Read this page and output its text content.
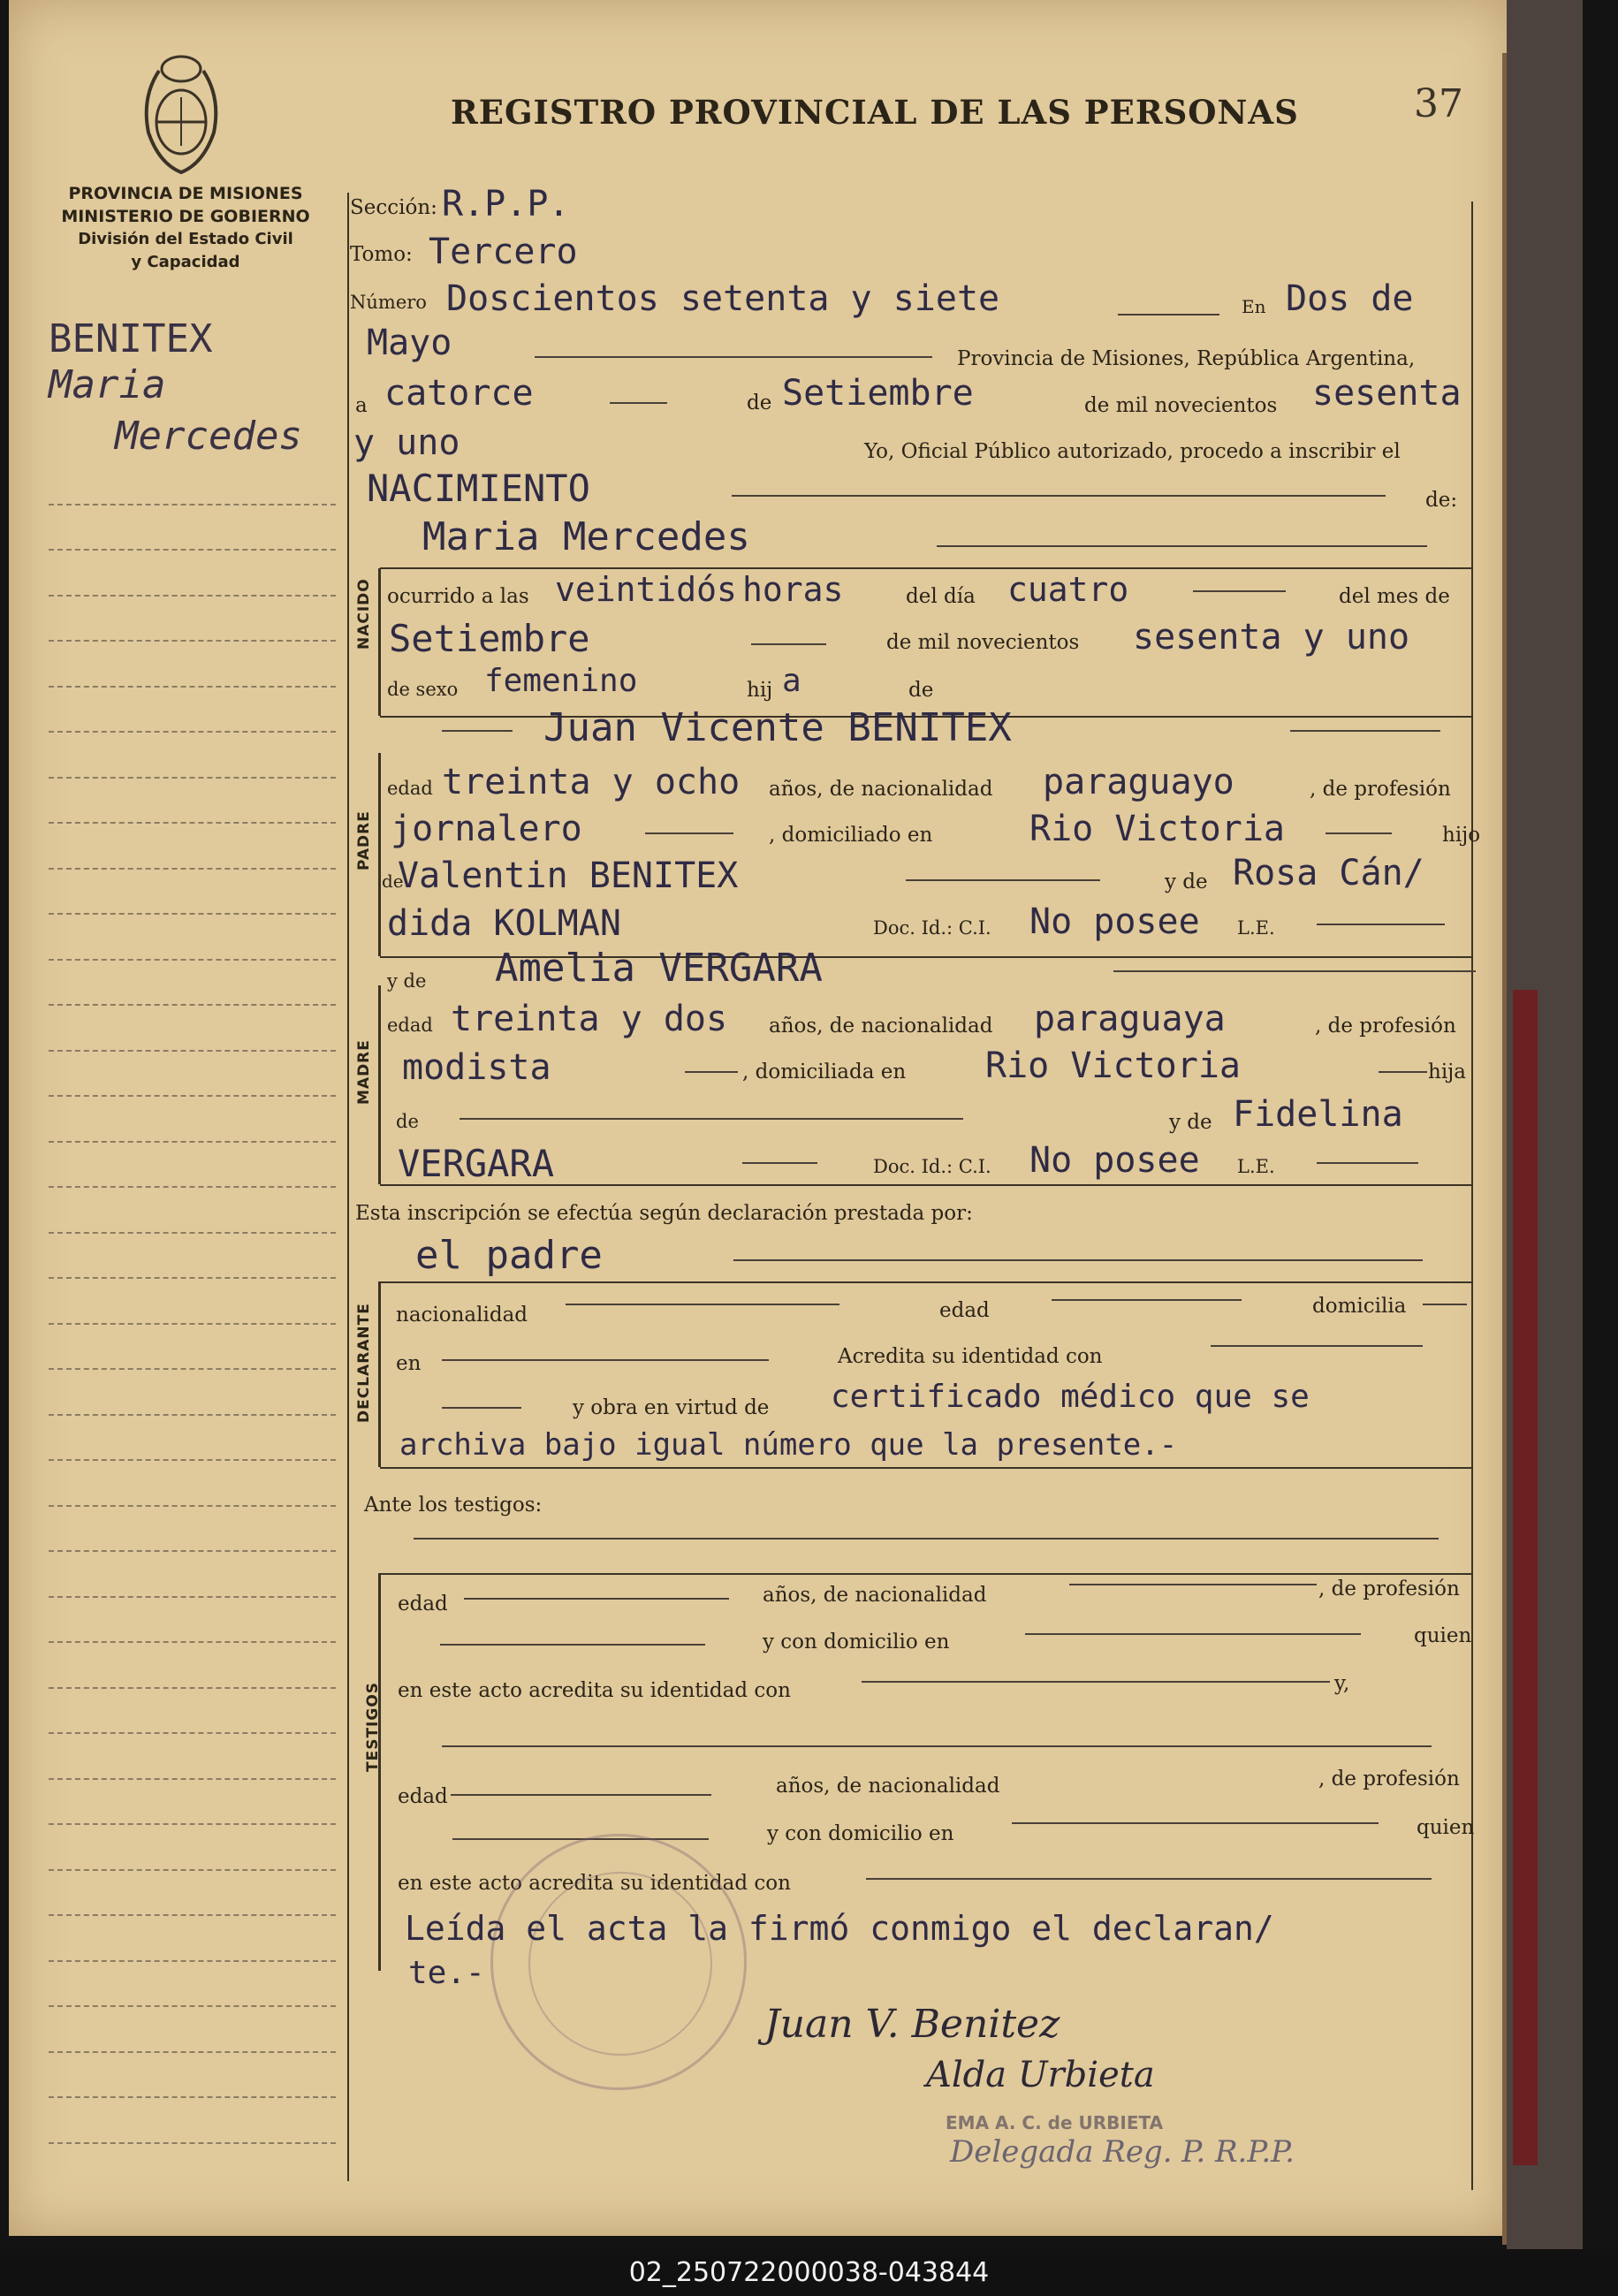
PROVINCIA DE MISIONES
MINISTERIO DE GOBIERNO
División del Estado Civil
y Capacidad
BENITEX
Maria
Mercedes
REGISTRO PROVINCIAL DE LAS PERSONAS	37
NACIDO
PADRE
MADRE
DECLARANTE
TESTIGOS
Sección: R.P.P.
Tomo: Tercero
Número Doscientos setenta y siete	En Dos de
Mayo	Provincia de Misiones, República Argentina,
a catorce	de Setiembre	de mil novecientos sesenta
y uno	Yo, Oficial Público autorizado, procedo a inscribir el
NACIMIENTO	de:
Maria Mercedes
ocurrido a las veintidós horas	del día cuatro	del mes de
Setiembre	de mil novecientos sesenta y uno
de sexo femenino	hij a	de
Juan Vicente BENITEX
edad treinta y ocho años, de nacionalidad paraguayo	, de profesión
jornalero	, domiciliado en	Rio Victoria	hijo
de
Valentin BENITEX	y de Rosa Cán/
dida KOLMAN	Doc. Id.: C.I. No posee L.E.
y de Amelia VERGARA
edad treinta y dos años, de nacionalidad paraguaya	, de profesión
modista	, domiciliada en Rio Victoria	hija
de	y de Fidelina
VERGARA	Doc. Id.: C.I. No posee L.E.
Esta inscripción se efectúa según declaración prestada por:
el padre
nacionalidad	edad	domicilia
en	Acredita su identidad con
y obra en virtud de certificado médico que se
archiva bajo igual número que la presente.-
Ante los testigos:
edad	años, de nacionalidad	, de profesión
y con domicilio en	quien
en este acto acredita su identidad con	y,
edad	años, de nacionalidad	, de profesión
y con domicilio en	quien
en este acto acredita su identidad con
Leída el acta la firmó conmigo el declaran/
te.-
Juan V. Benitez
Alda Urbieta
EMA A. C. de URBIETA
Delegada Reg. P. R.P.P.
02_250722000038-043844
